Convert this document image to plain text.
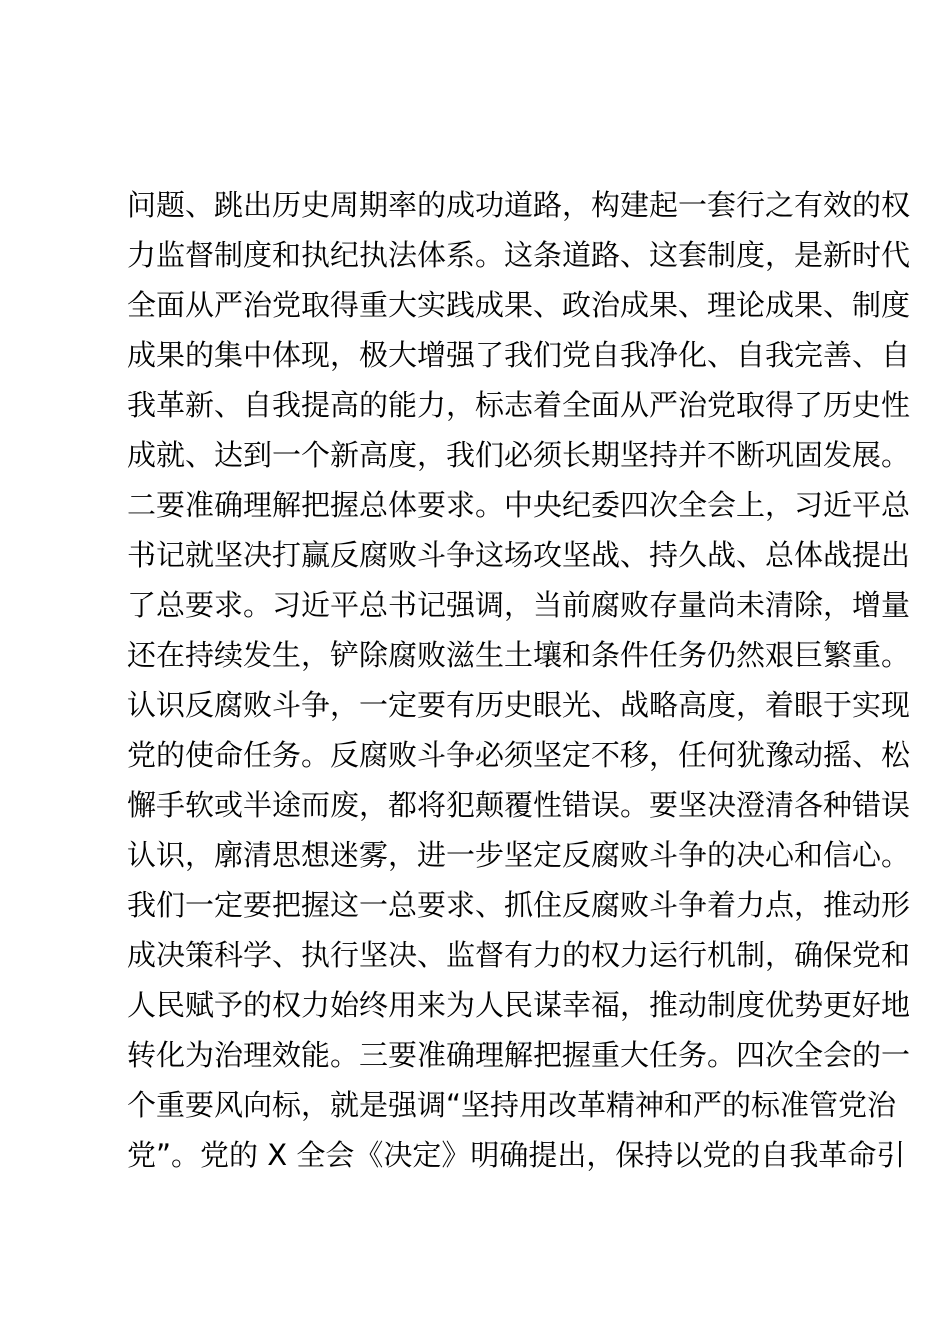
问题、跳出历史周期率的成功道路，构建起一套行之有效的权
力监督制度和执纪执法体系。这条道路、这套制度，是新时代
全面从严治党取得重大实践成果、政治成果、理论成果、制度
成果的集中体现，极大增强了我们党自我净化、自我完善、自
我革新、自我提高的能力，标志着全面从严治党取得了历史性
成就、达到一个新高度，我们必须长期坚持并不断巩固发展。
二要准确理解把握总体要求。中央纪委四次全会上，习近平总
书记就坚决打赢反腐败斗争这场攻坚战、持久战、总体战提出
了总要求。习近平总书记强调，当前腐败存量尚未清除，增量
还在持续发生，铲除腐败滋生土壤和条件任务仍然艰巨繁重。
认识反腐败斗争，一定要有历史眼光、战略高度，着眼于实现
党的使命任务。反腐败斗争必须坚定不移，任何犹豫动摇、松
懈手软或半途而废，都将犯颠覆性错误。要坚决澄清各种错误
认识，廓清思想迷雾，进一步坚定反腐败斗争的决心和信心。
我们一定要把握这一总要求、抓住反腐败斗争着力点，推动形
成决策科学、执行坚决、监督有力的权力运行机制，确保党和
人民赋予的权力始终用来为人民谋幸福，推动制度优势更好地
转化为治理效能。三要准确理解把握重大任务。四次全会的一
个重要风向标，就是强调“坚持用改革精神和严的标准管党治
党”。党的 X 全会《决定》明确提出，保持以党的自我革命引
